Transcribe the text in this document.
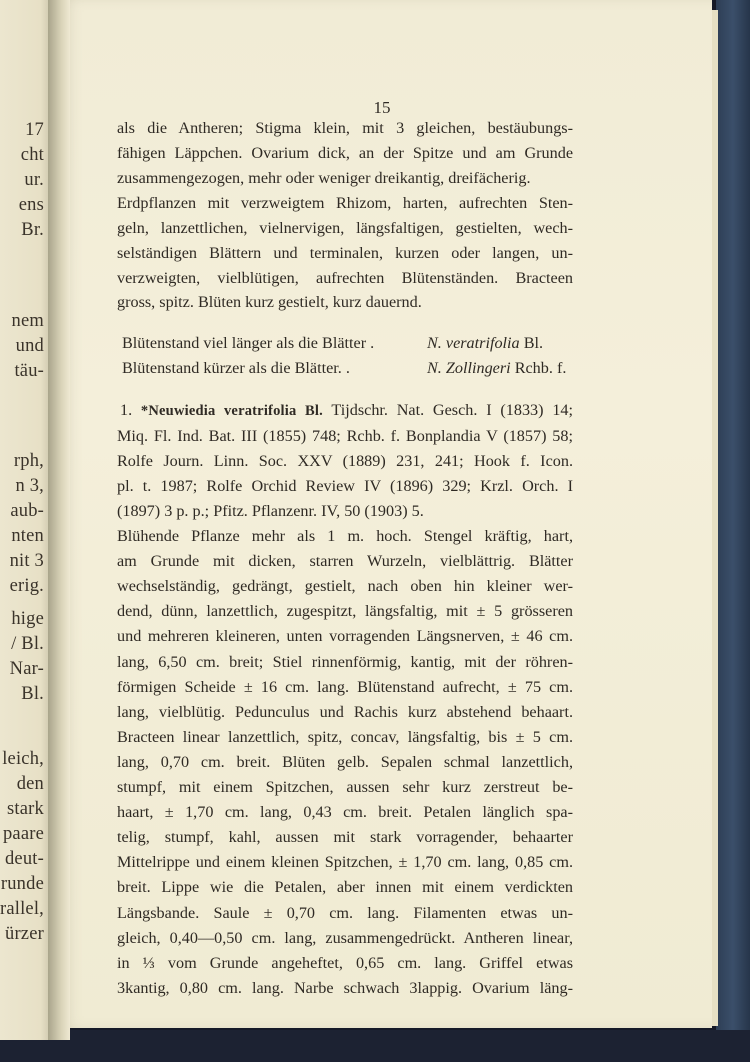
17
cht
ur.
ens
Br.
nem
und
täu-
rph,
n 3,
aub-
nten
nit 3
erig.
hige
/ Bl.
Nar-
Bl.
leich,
den
stark
paare
deut-
runde
rallel,
ürzer
15
als die Antheren; Stigma klein, mit 3 gleichen, bestäubungs-
fähigen Läppchen. Ovarium dick, an der Spitze und am Grunde
zusammengezogen, mehr oder weniger dreikantig, dreifächerig.
Erdpflanzen mit verzweigtem Rhizom, harten, aufrechten Sten-
geln, lanzettlichen, vielnervigen, längsfaltigen, gestielten, wech-
selständigen Blättern und terminalen, kurzen oder langen, un-
verzweigten, vielblütigen, aufrechten Blütenständen. Bracteen
gross, spitz. Blüten kurz gestielt, kurz dauernd.
Blütenstand viel länger als die Blätter .	N. veratrifolia Bl.
Blütenstand kürzer als die Blätter. .	N. Zollingeri Rchb. f.
1. *Neuwiedia veratrifolia Bl. Tijdschr. Nat. Gesch. I (1833) 14;
Miq. Fl. Ind. Bat. III (1855) 748; Rchb. f. Bonplandia V (1857) 58;
Rolfe Journ. Linn. Soc. XXV (1889) 231, 241; Hook f. Icon.
pl. t. 1987; Rolfe Orchid Review IV (1896) 329; Krzl. Orch. I
(1897) 3 p. p.; Pfitz. Pflanzenr. IV, 50 (1903) 5.
Blühende Pflanze mehr als 1 m. hoch. Stengel kräftig, hart,
am Grunde mit dicken, starren Wurzeln, vielblättrig. Blätter
wechselständig, gedrängt, gestielt, nach oben hin kleiner wer-
dend, dünn, lanzettlich, zugespitzt, längsfaltig, mit ± 5 grösseren
und mehreren kleineren, unten vorragenden Längsnerven, ± 46 cm.
lang, 6,50 cm. breit; Stiel rinnenförmig, kantig, mit der röhren-
förmigen Scheide ± 16 cm. lang. Blütenstand aufrecht, ± 75 cm.
lang, vielblütig. Pedunculus und Rachis kurz abstehend behaart.
Bracteen linear lanzettlich, spitz, concav, längsfaltig, bis ± 5 cm.
lang, 0,70 cm. breit. Blüten gelb. Sepalen schmal lanzettlich,
stumpf, mit einem Spitzchen, aussen sehr kurz zerstreut be-
haart, ± 1,70 cm. lang, 0,43 cm. breit. Petalen länglich spa-
telig, stumpf, kahl, aussen mit stark vorragender, behaarter
Mittelrippe und einem kleinen Spitzchen, ± 1,70 cm. lang, 0,85 cm.
breit. Lippe wie die Petalen, aber innen mit einem verdickten
Längsbande. Saule ± 0,70 cm. lang. Filamenten etwas un-
gleich, 0,40—0,50 cm. lang, zusammengedrückt. Antheren linear,
in ⅓ vom Grunde angeheftet, 0,65 cm. lang. Griffel etwas
3kantig, 0,80 cm. lang. Narbe schwach 3lappig. Ovarium läng-
